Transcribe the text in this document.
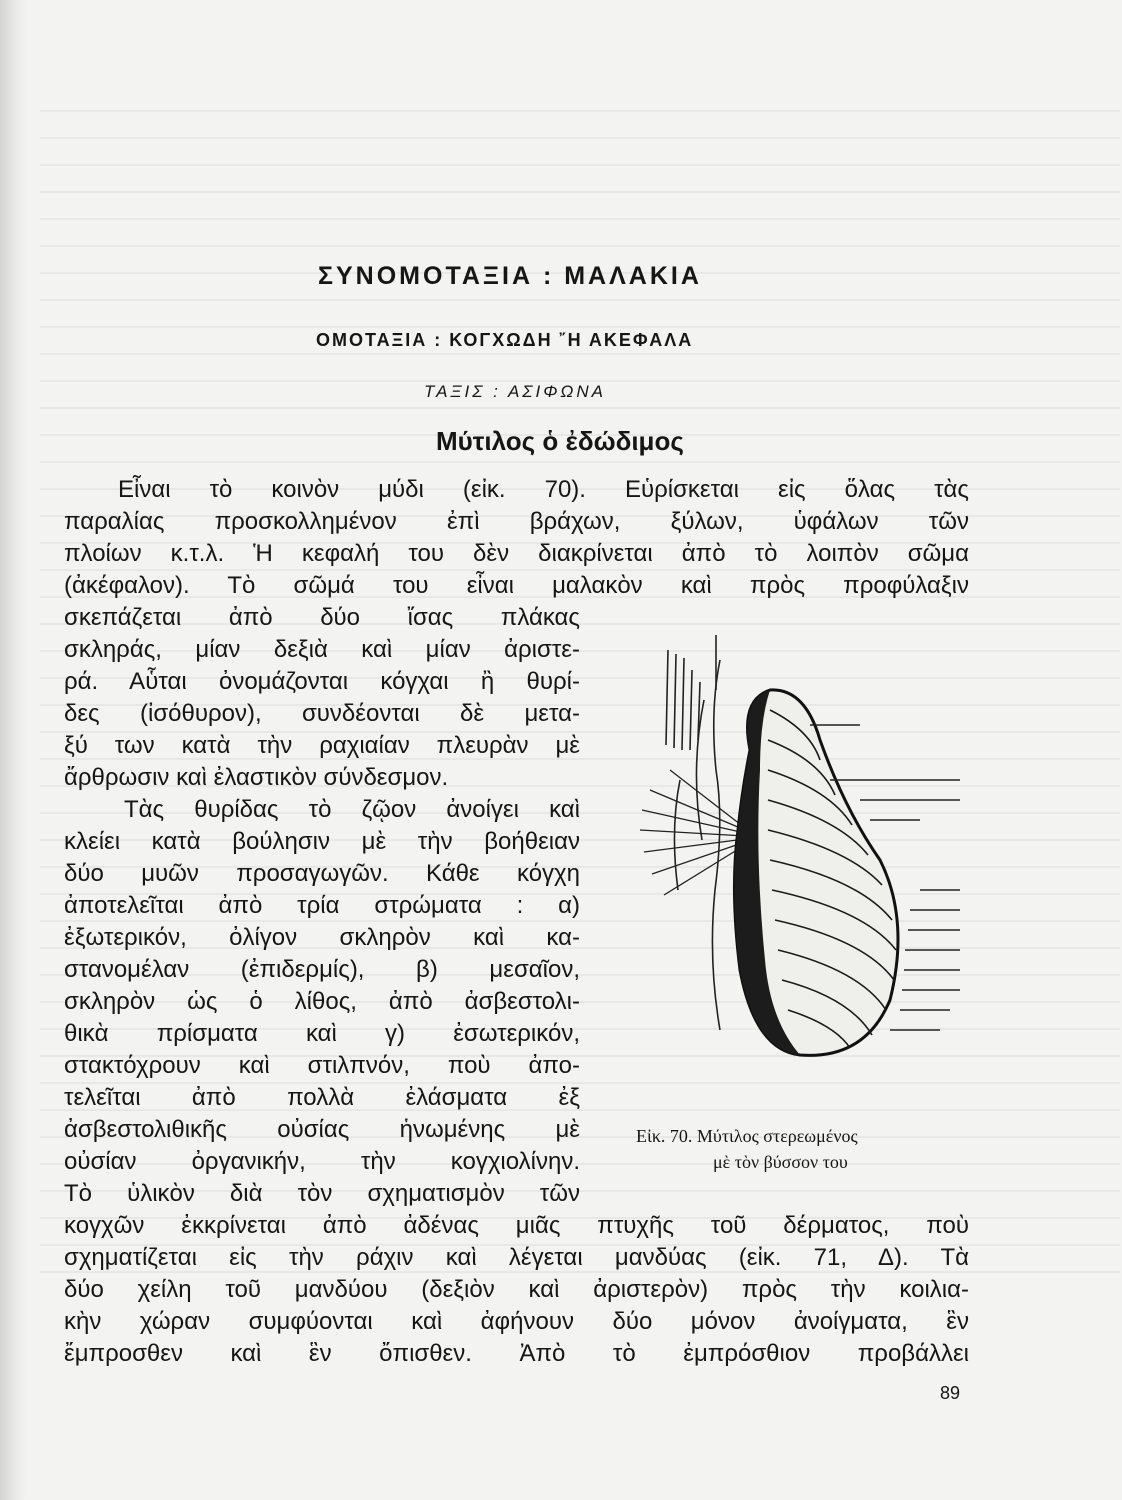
ΣΥΝΟΜΟΤΑΞΙΑ : ΜΑΛΑΚΙΑ
ΟΜΟΤΑΞΙΑ : ΚΟΓΧΩΔΗ ῎Η ΑΚΕΦΑΛΑ
ΤΑΞΙΣ : ΑΣΙΦΩΝΑ
Μύτιλος ὁ ἐδώδιμος
Εἶναι τὸ κοινὸν μύδι (εἰκ. 70). Εὑρίσκεται εἰς ὅλας τὰς
παραλίας προσκολλημένον ἐπὶ βράχων, ξύλων, ὑφάλων τῶν
πλοίων κ.τ.λ. Ἡ κεφαλή του δὲν διακρίνεται ἀπὸ τὸ λοιπὸν σῶμα
(ἀκέφαλον). Τὸ σῶμά του εἶναι μαλακὸν καὶ πρὸς προφύλαξιν
σκεπάζεται ἀπὸ δύο ἴσας πλάκας
σκληράς, μίαν δεξιὰ καὶ μίαν ἀριστε-
ρά. Αὗται ὀνομάζονται κόγχαι ἢ θυρί-
δες (ἰσόθυρον), συνδέονται δὲ μετα-
ξύ των κατὰ τὴν ραχιαίαν πλευρὰν μὲ
ἄρθρωσιν καὶ ἐλαστικὸν σύνδεσμον.
Τὰς θυρίδας τὸ ζῷον ἀνοίγει καὶ
κλείει κατὰ βούλησιν μὲ τὴν βοήθειαν
δύο μυῶν προσαγωγῶν. Κάθε κόγχη
ἀποτελεῖται ἀπὸ τρία στρώματα : α)
ἐξωτερικόν, ὀλίγον σκληρὸν καὶ κα-
στανομέλαν (ἐπιδερμίς), β) μεσαῖον,
σκληρὸν ὡς ὁ λίθος, ἀπὸ ἀσβεστολι-
θικὰ πρίσματα καὶ γ) ἐσωτερικόν,
στακτόχρουν καὶ στιλπνόν, ποὺ ἀπο-
τελεῖται ἀπὸ πολλὰ ἐλάσματα ἐξ
ἀσβεστολιθικῆς οὐσίας ἡνωμένης μὲ
οὐσίαν ὀργανικήν, τὴν κογχιολίνην.
Τὸ ὑλικὸν διὰ τὸν σχηματισμὸν τῶν
κογχῶν ἐκκρίνεται ἀπὸ ἀδένας μιᾶς πτυχῆς τοῦ δέρματος, ποὺ
σχηματίζεται εἰς τὴν ράχιν καὶ λέγεται μανδύας (εἰκ. 71, Δ). Τὰ
δύο χείλη τοῦ μανδύου (δεξιὸν καὶ ἀριστερὸν) πρὸς τὴν κοιλια-
κὴν χώραν συμφύονται καὶ ἀφήνουν δύο μόνον ἀνοίγματα, ἓν
ἔμπροσθεν καὶ ἓν ὄπισθεν. Ἀπὸ τὸ ἐμπρόσθιον προβάλλει
Εἰκ. 70. Μύτιλος στερεωμένος
μὲ τὸν βύσσον του
89
